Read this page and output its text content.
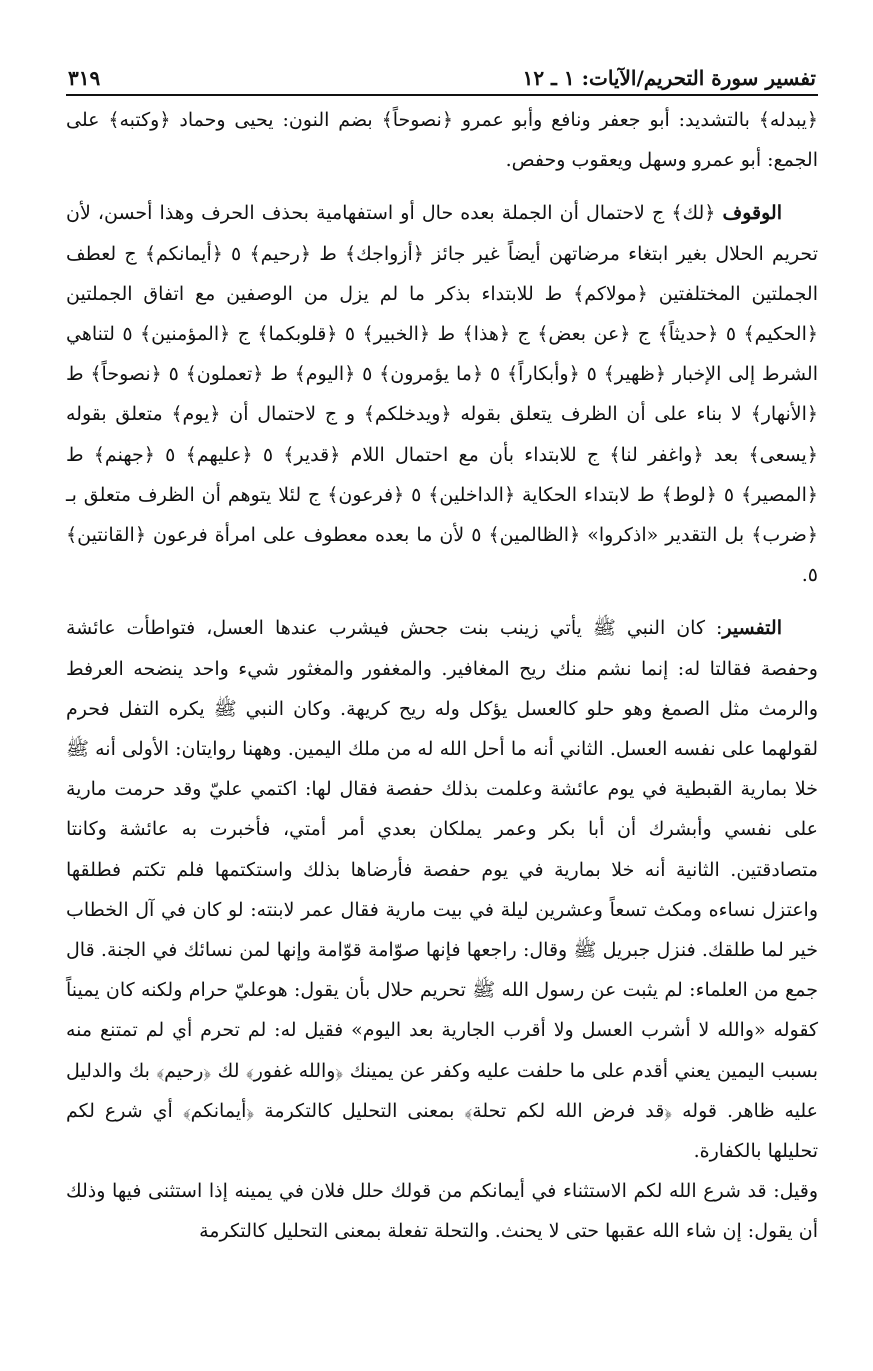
تفسير سورة التحريم/الآيات: ١ ـ ١٢
٣١٩

﴿يبدله﴾ بالتشديد: أبو جعفر ونافع وأبو عمرو ﴿نصوحاً﴾ بضم النون: يحيى وحماد ﴿وكتبه﴾ على الجمع: أبو عمرو وسهل ويعقوب وحفص.

الوقوف ﴿لك﴾ ج لاحتمال أن الجملة بعده حال أو استفهامية بحذف الحرف وهذا أحسن، لأن تحريم الحلال بغير ابتغاء مرضاتهن أيضاً غير جائز ﴿أزواجك﴾ ط ﴿رحيم﴾ ٥ ﴿أيمانكم﴾ ج لعطف الجملتين المختلفتين ﴿مولاكم﴾ ط للابتداء بذكر ما لم يزل من الوصفين مع اتفاق الجملتين ﴿الحكيم﴾ ٥ ﴿حديثاً﴾ ج ﴿عن بعض﴾ ج ﴿هذا﴾ ط ﴿الخبير﴾ ٥ ﴿قلوبكما﴾ ج ﴿المؤمنين﴾ ٥ لتناهي الشرط إلى الإخبار ﴿ظهير﴾ ٥ ﴿وأبكاراً﴾ ٥ ﴿ما يؤمرون﴾ ٥ ﴿اليوم﴾ ط ﴿تعملون﴾ ٥ ﴿نصوحاً﴾ ط ﴿الأنهار﴾ لا بناء على أن الظرف يتعلق بقوله ﴿ويدخلكم﴾ و ج لاحتمال أن ﴿يوم﴾ متعلق بقوله ﴿يسعى﴾ بعد ﴿واغفر لنا﴾ ج للابتداء بأن مع احتمال اللام ﴿قدير﴾ ٥ ﴿عليهم﴾ ٥ ﴿جهنم﴾ ط ﴿المصير﴾ ٥ ﴿لوط﴾ ط لابتداء الحكاية ﴿الداخلين﴾ ٥ ﴿فرعون﴾ ج لئلا يتوهم أن الظرف متعلق بـ ﴿ضرب﴾ بل التقدير «اذكروا» ﴿الظالمين﴾ ٥ لأن ما بعده معطوف على امرأة فرعون ﴿القانتين﴾ ٥.

التفسير: كان النبي ﷺ يأتي زينب بنت جحش فيشرب عندها العسل، فتواطأت عائشة وحفصة فقالتا له: إنما نشم منك ريح المغافير. والمغفور والمغثور شيء واحد ينضحه العرفط والرمث مثل الصمغ وهو حلو كالعسل يؤكل وله ريح كريهة. وكان النبي ﷺ يكره التفل فحرم لقولهما على نفسه العسل. الثاني أنه ما أحل الله له من ملك اليمين. وههنا روايتان: الأولى أنه ﷺ خلا بمارية القبطية في يوم عائشة وعلمت بذلك حفصة فقال لها: اكتمي عليّ وقد حرمت مارية على نفسي وأبشرك أن أبا بكر وعمر يملكان بعدي أمر أمتي، فأخبرت به عائشة وكانتا متصادقتين. الثانية أنه خلا بمارية في يوم حفصة فأرضاها بذلك واستكتمها فلم تكتم فطلقها واعتزل نساءه ومكث تسعاً وعشرين ليلة في بيت مارية فقال عمر لابنته: لو كان في آل الخطاب خير لما طلقك. فنزل جبريل ﷺ وقال: راجعها فإنها صوّامة قوّامة وإنها لمن نسائك في الجنة. قال جمع من العلماء: لم يثبت عن رسول الله ﷺ تحريم حلال بأن يقول: هوعليّ حرام ولكنه كان يميناً كقوله «والله لا أشرب العسل ولا أقرب الجارية بعد اليوم» فقيل له: لم تحرم أي لم تمتنع منه بسبب اليمين يعني أقدم على ما حلفت عليه وكفر عن يمينك ﴿والله غفور﴾ لك ﴿رحيم﴾ بك والدليل عليه ظاهر. قوله ﴿قد فرض الله لكم تحلة﴾ بمعنى التحليل كالتكرمة ﴿أيمانكم﴾ أي شرع لكم تحليلها بالكفارة.

وقيل: قد شرع الله لكم الاستثناء في أيمانكم من قولك حلل فلان في يمينه إذا استثنى فيها وذلك أن يقول: إن شاء الله عقبها حتى لا يحنث. والتحلة تفعلة بمعنى التحليل كالتكرمة
